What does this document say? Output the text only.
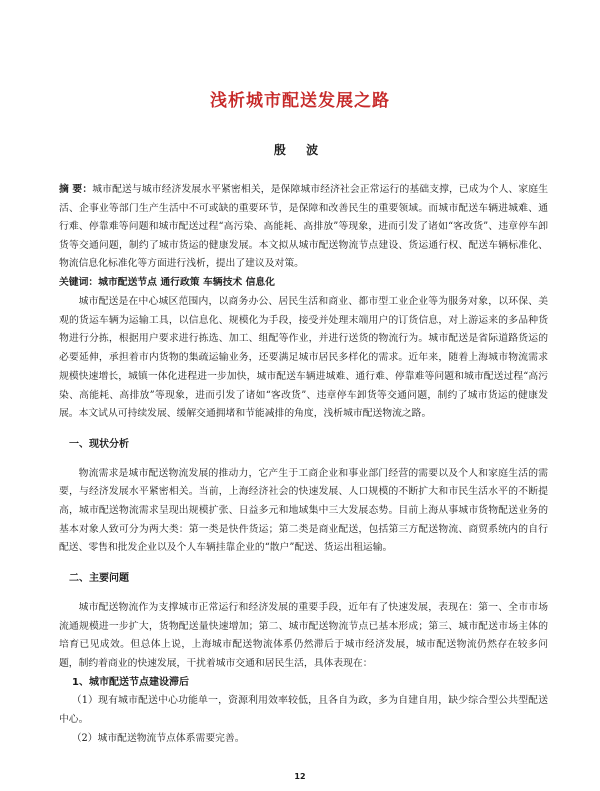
浅析城市配送发展之路
殷 波
摘 要：城市配送与城市经济发展水平紧密相关，是保障城市经济社会正常运行的基础支撑，已成为个人、家庭生活、企事业等部门生产生活中不可或缺的重要环节，是保障和改善民生的重要领域。而城市配送车辆进城难、通行难、停靠难等问题和城市配送过程“高污染、高能耗、高排放”等现象，进而引发了诸如“客改货”、违章停车卸货等交通问题，制约了城市货运的健康发展。本文拟从城市配送物流节点建设、货运通行权、配送车辆标准化、物流信息化标准化等方面进行浅析，提出了建议及对策。
关键词：城市配送节点 通行政策 车辆技术 信息化

城市配送是在中心城区范围内，以商务办公、居民生活和商业、都市型工业企业等为服务对象，以环保、美观的货运车辆为运输工具，以信息化、规模化为手段，接受并处理末端用户的订货信息，对上游运来的多品种货物进行分拣，根据用户要求进行拣选、加工、组配等作业，并进行送货的物流行为。城市配送是省际道路货运的必要延伸，承担着市内货物的集疏运输业务，还要满足城市居民多样化的需求。近年来，随着上海城市物流需求规模快速增长，城镇一体化进程进一步加快，城市配送车辆进城难、通行难、停靠难等问题和城市配送过程“高污染、高能耗、高排放”等现象，进而引发了诸如“客改货”、违章停车卸货等交通问题，制约了城市货运的健康发展。本文试从可持续发展、缓解交通拥堵和节能减排的角度，浅析城市配送物流之路。

一、现状分析

物流需求是城市配送物流发展的推动力，它产生于工商企业和事业部门经营的需要以及个人和家庭生活的需要，与经济发展水平紧密相关。当前，上海经济社会的快速发展、人口规模的不断扩大和市民生活水平的不断提高，城市配送物流需求呈现出规模扩张、日益多元和地域集中三大发展态势。目前上海从事城市货物配送业务的基本对象人致可分为两大类：第一类是快件货运；第二类是商业配送，包括第三方配送物流、商贸系统内的自行配送、零售和批发企业以及个人车辆挂靠企业的“散户”配送、货运出租运输。

二、主要问题

城市配送物流作为支撑城市正常运行和经济发展的重要手段，近年有了快速发展，表现在：第一、全市市场流通规模进一步扩大，货物配送量快速增加；第二、城市配送物流节点已基本形成；第三、城市配送市场主体的培育已见成效。但总体上说，上海城市配送物流体系仍然滞后于城市经济发展，城市配送物流仍然存在较多问题，制约着商业的快速发展，干扰着城市交通和居民生活，具体表现在：

1、城市配送节点建设滞后

（1）现有城市配送中心功能单一，资源利用效率较低，且各自为政，多为自建自用，缺少综合型公共型配送中心。

（2）城市配送物流节点体系需要完善。

12
